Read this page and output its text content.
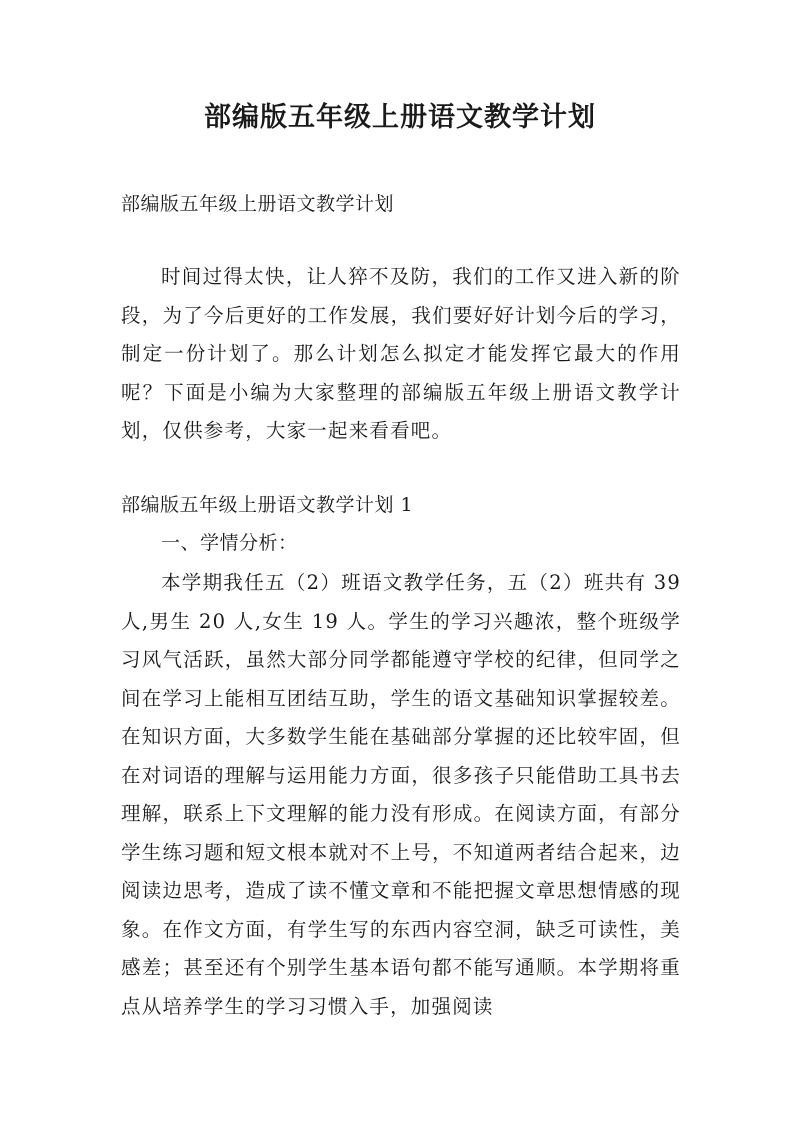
部编版五年级上册语文教学计划
部编版五年级上册语文教学计划

时间过得太快，让人猝不及防，我们的工作又进入新的阶段，为了今后更好的工作发展，我们要好好计划今后的学习，制定一份计划了。那么计划怎么拟定才能发挥它最大的作用呢？下面是小编为大家整理的部编版五年级上册语文教学计划，仅供参考，大家一起来看看吧。

部编版五年级上册语文教学计划 1
一、学情分析：

本学期我任五（2）班语文教学任务，五（2）班共有 39 人,男生 20 人,女生 19 人。学生的学习兴趣浓，整个班级学习风气活跃，虽然大部分同学都能遵守学校的纪律，但同学之间在学习上能相互团结互助，学生的语文基础知识掌握较差。在知识方面，大多数学生能在基础部分掌握的还比较牢固，但在对词语的理解与运用能力方面，很多孩子只能借助工具书去理解，联系上下文理解的能力没有形成。在阅读方面，有部分学生练习题和短文根本就对不上号，不知道两者结合起来，边阅读边思考，造成了读不懂文章和不能把握文章思想情感的现象。在作文方面，有学生写的东西内容空洞，缺乏可读性，美感差；甚至还有个别学生基本语句都不能写通顺。本学期将重点从培养学生的学习习惯入手，加强阅读
